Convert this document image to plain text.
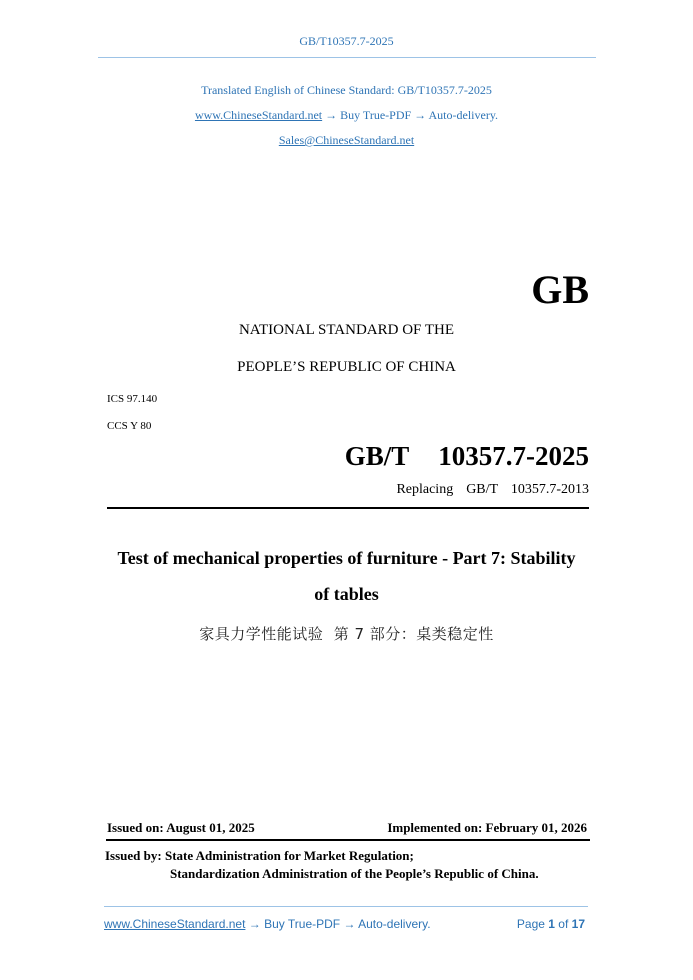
GB/T10357.7-2025
Translated English of Chinese Standard: GB/T10357.7-2025
www.ChineseStandard.net → Buy True-PDF → Auto-delivery.
Sales@ChineseStandard.net
GB
NATIONAL STANDARD OF THE
PEOPLE’S REPUBLIC OF CHINA
ICS 97.140
CCS Y 80
GB/T  10357.7-2025
Replacing  GB/T  10357.7-2013
Test of mechanical properties of furniture - Part 7: Stability
of tables
家具力学性能试验  第 7 部分：桌类稳定性
Issued on: August 01, 2025	Implemented on: February 01, 2026
Issued by: State Administration for Market Regulation;
Standardization Administration of the People’s Republic of China.
www.ChineseStandard.net → Buy True-PDF → Auto-delivery.	Page 1 of 17
